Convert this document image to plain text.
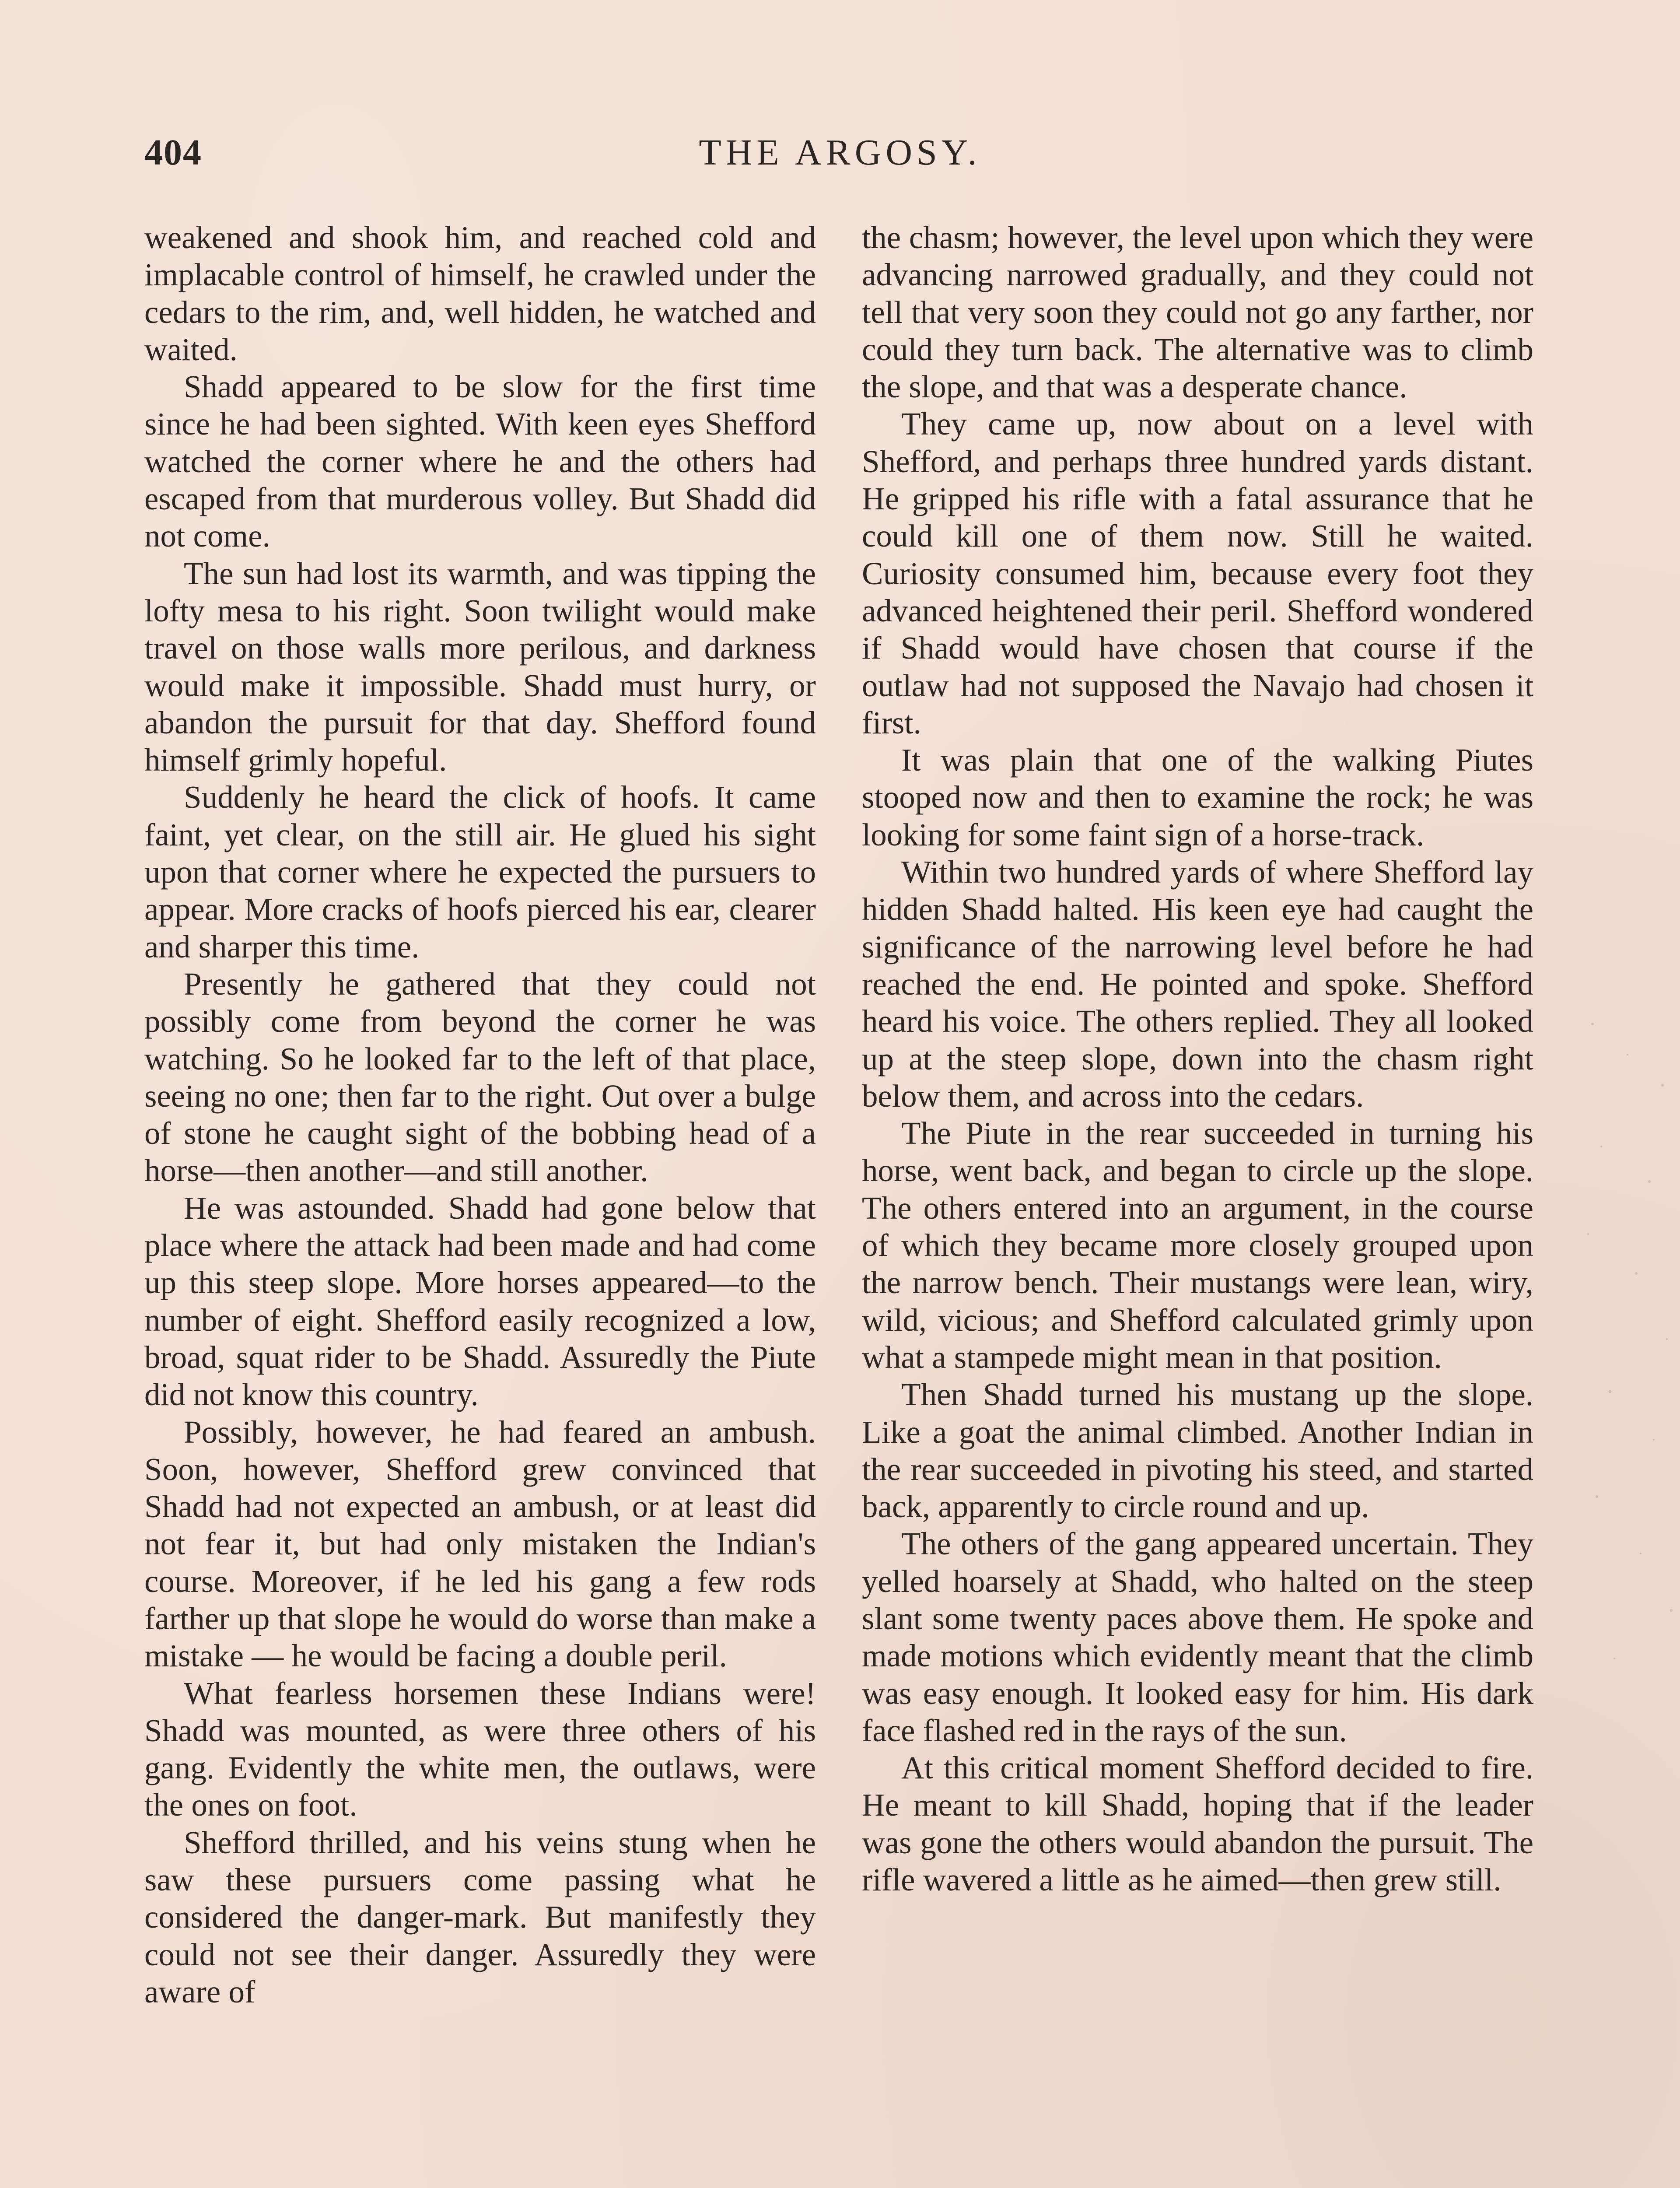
404	THE ARGOSY.

weakened and shook him, and reached cold and implacable control of himself, he crawled under the cedars to the rim, and, well hidden, he watched and waited.

Shadd appeared to be slow for the first time since he had been sighted. With keen eyes Shefford watched the corner where he and the others had escaped from that murderous volley. But Shadd did not come.

The sun had lost its warmth, and was tipping the lofty mesa to his right. Soon twilight would make travel on those walls more perilous, and darkness would make it impossible. Shadd must hurry, or abandon the pursuit for that day. Shefford found himself grimly hopeful.

Suddenly he heard the click of hoofs. It came faint, yet clear, on the still air. He glued his sight upon that corner where he expected the pursuers to appear. More cracks of hoofs pierced his ear, clearer and sharper this time.

Presently he gathered that they could not possibly come from beyond the corner he was watching. So he looked far to the left of that place, seeing no one; then far to the right. Out over a bulge of stone he caught sight of the bobbing head of a horse—then another—and still another.

He was astounded. Shadd had gone below that place where the attack had been made and had come up this steep slope. More horses appeared—to the number of eight. Shefford easily recognized a low, broad, squat rider to be Shadd. Assuredly the Piute did not know this country.

Possibly, however, he had feared an ambush. Soon, however, Shefford grew convinced that Shadd had not expected an ambush, or at least did not fear it, but had only mistaken the Indian's course. Moreover, if he led his gang a few rods farther up that slope he would do worse than make a mistake — he would be facing a double peril.

What fearless horsemen these Indians were! Shadd was mounted, as were three others of his gang. Evidently the white men, the outlaws, were the ones on foot.

Shefford thrilled, and his veins stung when he saw these pursuers come passing what he considered the danger-mark. But manifestly they could not see their danger. Assuredly they were aware of

the chasm; however, the level upon which they were advancing narrowed gradually, and they could not tell that very soon they could not go any farther, nor could they turn back. The alternative was to climb the slope, and that was a desperate chance.

They came up, now about on a level with Shefford, and perhaps three hundred yards distant. He gripped his rifle with a fatal assurance that he could kill one of them now. Still he waited. Curiosity consumed him, because every foot they advanced heightened their peril. Shefford wondered if Shadd would have chosen that course if the outlaw had not supposed the Navajo had chosen it first.

It was plain that one of the walking Piutes stooped now and then to examine the rock; he was looking for some faint sign of a horse-track.

Within two hundred yards of where Shefford lay hidden Shadd halted. His keen eye had caught the significance of the narrowing level before he had reached the end. He pointed and spoke. Shefford heard his voice. The others replied. They all looked up at the steep slope, down into the chasm right below them, and across into the cedars.

The Piute in the rear succeeded in turning his horse, went back, and began to circle up the slope. The others entered into an argument, in the course of which they became more closely grouped upon the narrow bench. Their mustangs were lean, wiry, wild, vicious; and Shefford calculated grimly upon what a stampede might mean in that position.

Then Shadd turned his mustang up the slope. Like a goat the animal climbed. Another Indian in the rear succeeded in pivoting his steed, and started back, apparently to circle round and up.

The others of the gang appeared uncertain. They yelled hoarsely at Shadd, who halted on the steep slant some twenty paces above them. He spoke and made motions which evidently meant that the climb was easy enough. It looked easy for him. His dark face flashed red in the rays of the sun.

At this critical moment Shefford decided to fire. He meant to kill Shadd, hoping that if the leader was gone the others would abandon the pursuit. The rifle wavered a little as he aimed—then grew still.
